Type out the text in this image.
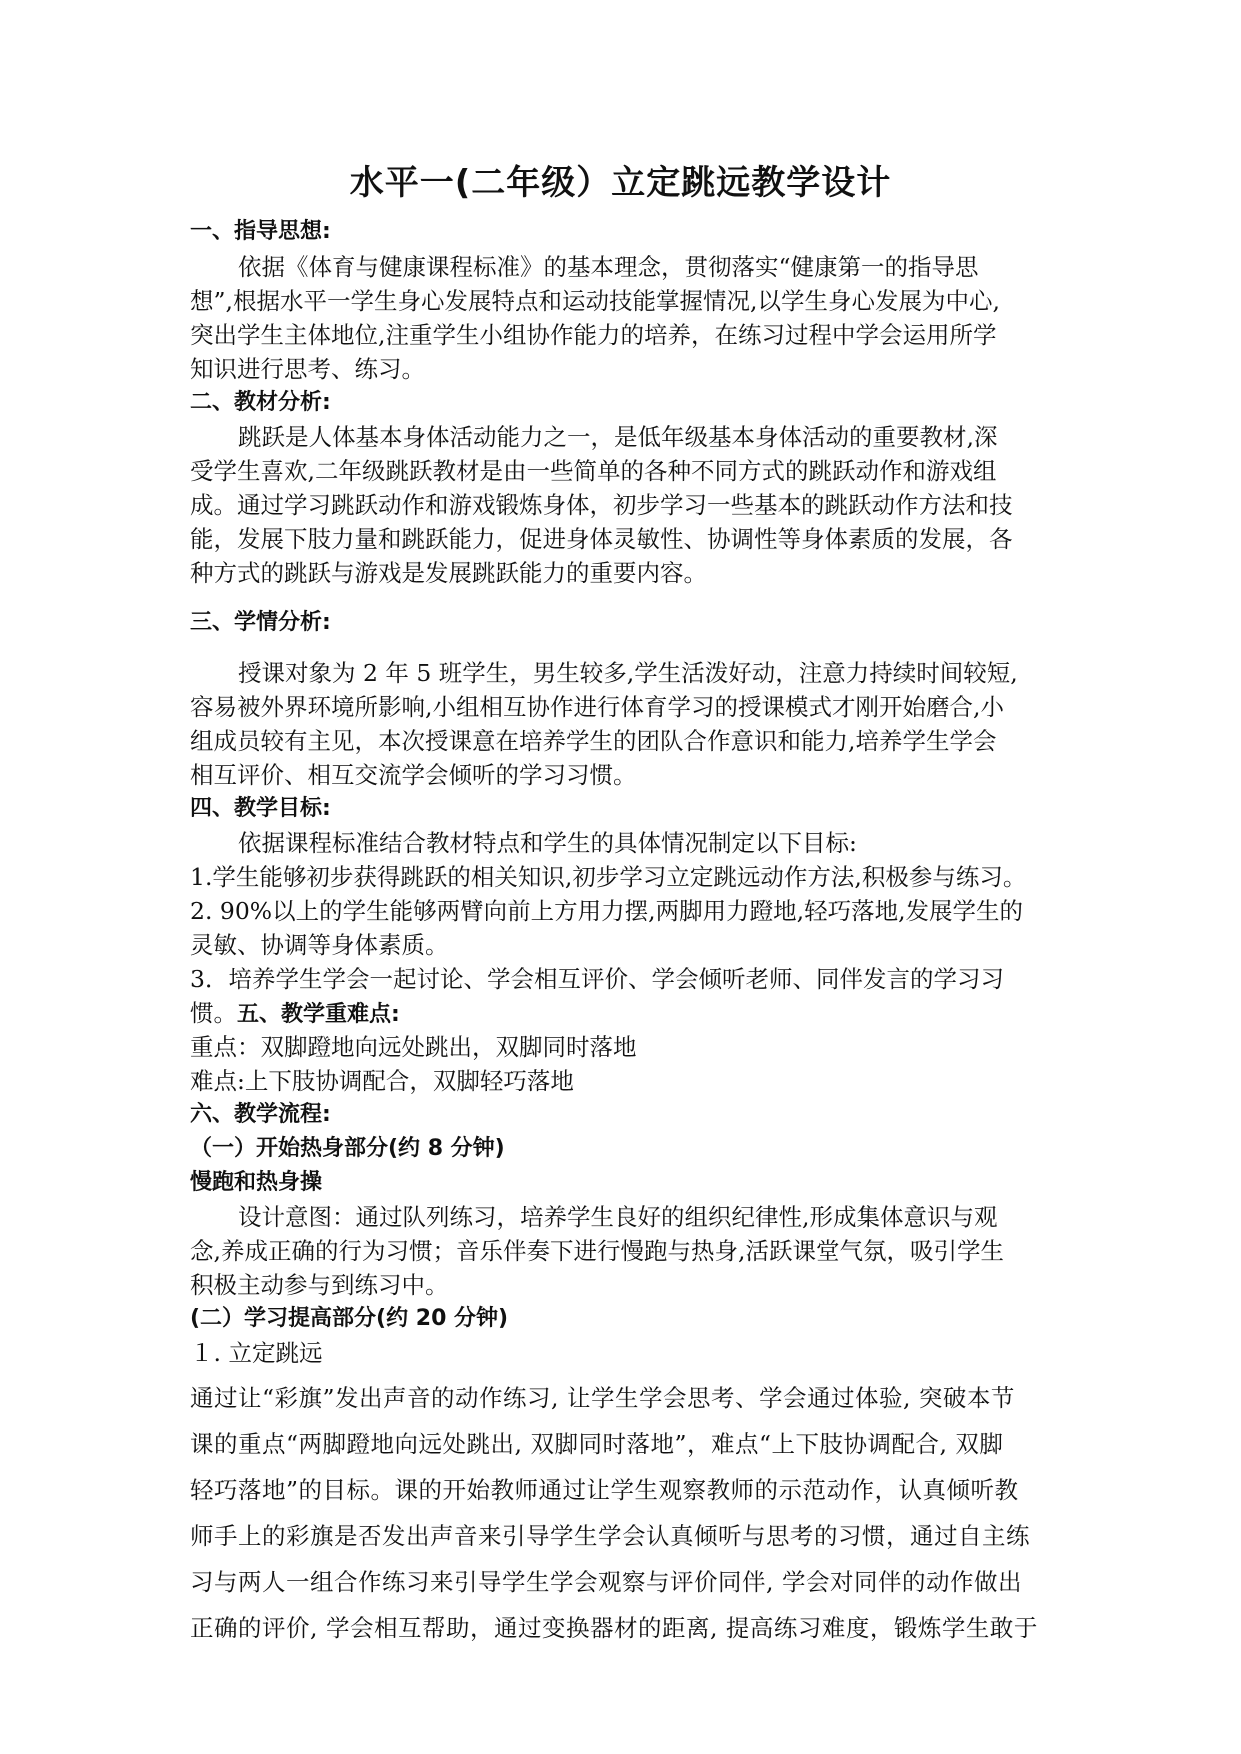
水平一(二年级）立定跳远教学设计
一、指导思想:
依据《体育与健康课程标准》的基本理念，贯彻落实“健康第一的指导思
想”,根据水平一学生身心发展特点和运动技能掌握情况,以学生身心发展为中心,
突出学生主体地位,注重学生小组协作能力的培养，在练习过程中学会运用所学
知识进行思考、练习。
二、教材分析:
跳跃是人体基本身体活动能力之一，是低年级基本身体活动的重要教材,深
受学生喜欢,二年级跳跃教材是由一些简单的各种不同方式的跳跃动作和游戏组
成。通过学习跳跃动作和游戏锻炼身体，初步学习一些基本的跳跃动作方法和技
能，发展下肢力量和跳跃能力，促进身体灵敏性、协调性等身体素质的发展，各
种方式的跳跃与游戏是发展跳跃能力的重要内容。
三、学情分析:
授课对象为 2 年 5 班学生，男生较多,学生活泼好动，注意力持续时间较短,
容易被外界环境所影响,小组相互协作进行体育学习的授课模式才刚开始磨合,小
组成员较有主见，本次授课意在培养学生的团队合作意识和能力,培养学生学会
相互评价、相互交流学会倾听的学习习惯。
四、教学目标:
依据课程标准结合教材特点和学生的具体情况制定以下目标:
1.学生能够初步获得跳跃的相关知识,初步学习立定跳远动作方法,积极参与练习。
2. 90%以上的学生能够两臂向前上方用力摆,两脚用力蹬地,轻巧落地,发展学生的
灵敏、协调等身体素质。
3．培养学生学会一起讨论、学会相互评价、学会倾听老师、同伴发言的学习习
惯。五、教学重难点:
重点：双脚蹬地向远处跳出，双脚同时落地
难点:上下肢协调配合，双脚轻巧落地
六、教学流程:
（一）开始热身部分(约 8 分钟)
慢跑和热身操
设计意图：通过队列练习，培养学生良好的组织纪律性,形成集体意识与观
念,养成正确的行为习惯；音乐伴奏下进行慢跑与热身,活跃课堂气氛，吸引学生
积极主动参与到练习中。
(二）学习提高部分(约 20 分钟)
１. 立定跳远
通过让“彩旗”发出声音的动作练习, 让学生学会思考、学会通过体验, 突破本节
课的重点“两脚蹬地向远处跳出, 双脚同时落地”，难点“上下肢协调配合, 双脚
轻巧落地”的目标。课的开始教师通过让学生观察教师的示范动作，认真倾听教
师手上的彩旗是否发出声音来引导学生学会认真倾听与思考的习惯，通过自主练
习与两人一组合作练习来引导学生学会观察与评价同伴, 学会对同伴的动作做出
正确的评价, 学会相互帮助，通过变换器材的距离, 提高练习难度，锻炼学生敢于
